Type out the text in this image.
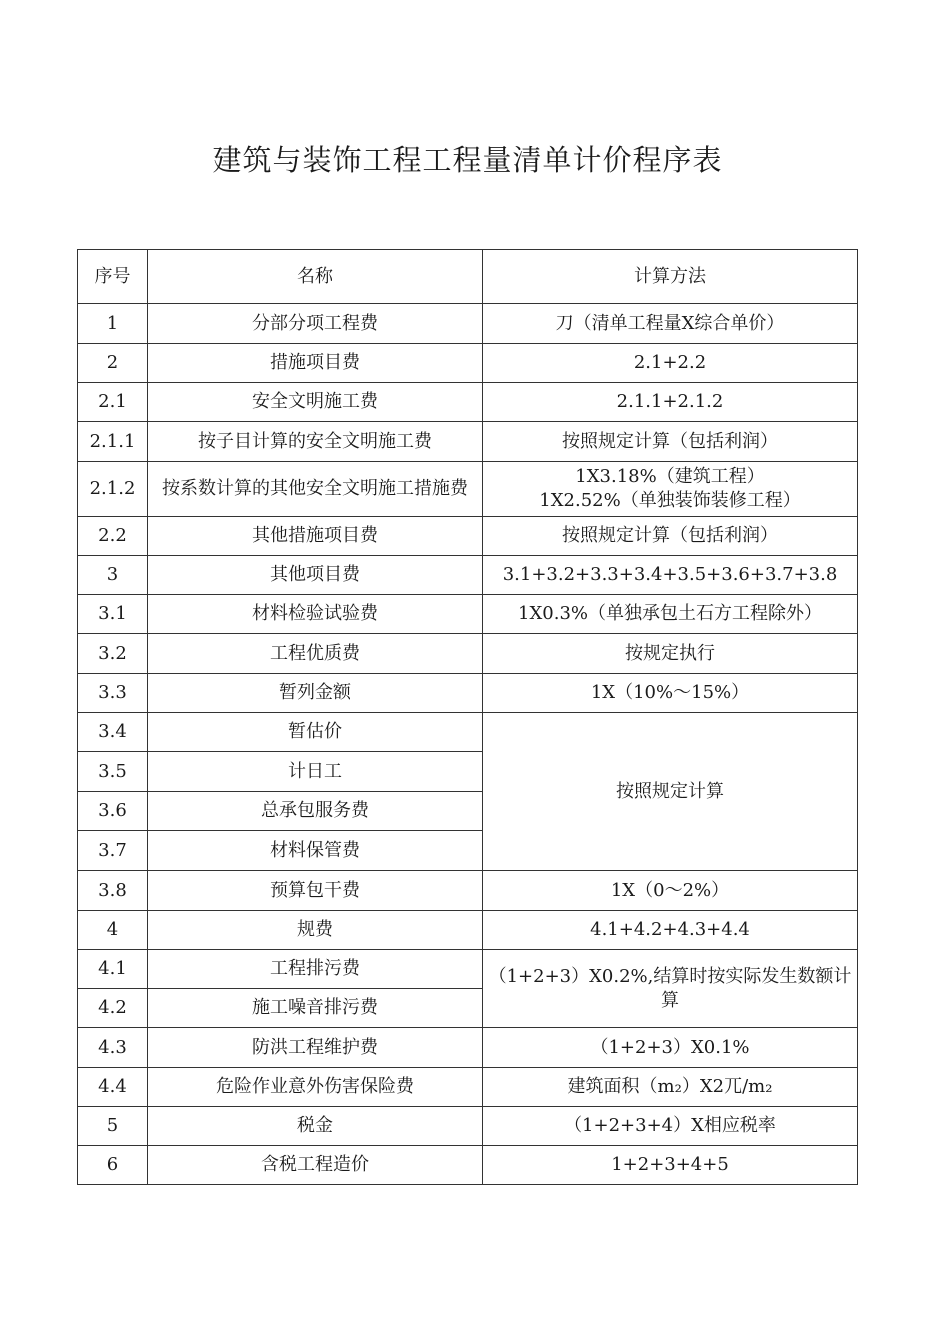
建筑与装饰工程工程量清单计价程序表
序号	名称	计算方法
1	分部分项工程费	刀（清单工程量X综合单价）
2	措施项目费	2.1+2.2
2.1	安全文明施工费	2.1.1+2.1.2
2.1.1	按子目计算的安全文明施工费	按照规定计算（包括利润）
2.1.2	按系数计算的其他安全文明施工措施费	1X3.18%（建筑工程）
1X2.52%（单独装饰装修工程）

2.2	其他措施项目费	按照规定计算（包括利润）
3	其他项目费	3.1+3.2+3.3+3.4+3.5+3.6+3.7+3.8
3.1	材料检验试验费	1X0.3%（单独承包土石方工程除外）
3.2	工程优质费	按规定执行
3.3	暂列金额	1X（10%〜15%）
3.4	暂估价	按照规定计算
3.5	计日工	
3.6	总承包服务费	
3.7	材料保管费	
3.8	预算包干费	1X（0〜2%）
4	规费	4.1+4.2+4.3+4.4
4.1	工程排污费	（1+2+3）X0.2%,结算时按实际发生数额计算
4.2	施工噪音排污费	
4.3	防洪工程维护费	（1+2+3）X0.1%
4.4	危险作业意外伤害保险费	建筑面积（m₂）X2兀/m₂
5	税金	（1+2+3+4）X相应税率
6	含税工程造价	1+2+3+4+5
